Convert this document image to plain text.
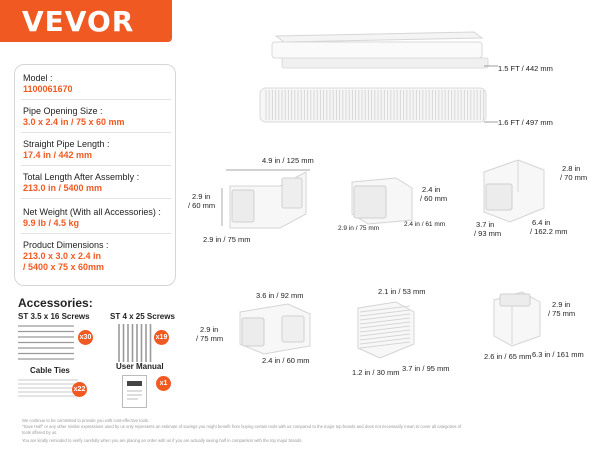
VEVOR
Model :
1100061670
Pipe Opening Size :
3.0 x 2.4 in / 75 x 60 mm
Straight Pipe Length :
17.4 in / 442 mm
Total Length After Assembly :
213.0 in / 5400 mm
Net Weight (With all Accessories) :
9.9 lb / 4.5 kg
Product Dimensions :
213.0 x 3.0 x 2.4 in
/ 5400 x 75 x 60mm
Accessories:
ST 3.5 x 16 Screws
x30
ST 4 x 25 Screws
x19
Cable Ties
x22
User Manual
x1
1.5 FT / 442 mm
1.6 FT / 497 mm
4.9 in / 125 mm
2.9 in
/ 60 mm
2.9 in / 75 mm
2.4 in
/ 60 mm
2.9 in / 75 mm
2.4 in / 61 mm
2.8 in
/ 70 mm
3.7 in
/ 93 mm
6.4 in
/ 162.2 mm
3.6 in / 92 mm
2.9 in
/ 75 mm
2.4 in / 60 mm
2.1 in / 53 mm
1.2 in / 30 mm 3.7 in / 95 mm
2.9 in
/ 75 mm
2.6 in / 65 mm 6.3 in / 161 mm
We continue to be committed to provide you with cost-effective tools.
"Save Half" or any other similar expressions used by us only represents an estimate of savings you might benefit from buying certain tools with us compared to the major top brands and does not necessarily mean to cover all categories of
tools offered by us.
You are kindly reminded to verify carefully when you are placing an order with us if you are actually saving half in comparison with the top major brands.
